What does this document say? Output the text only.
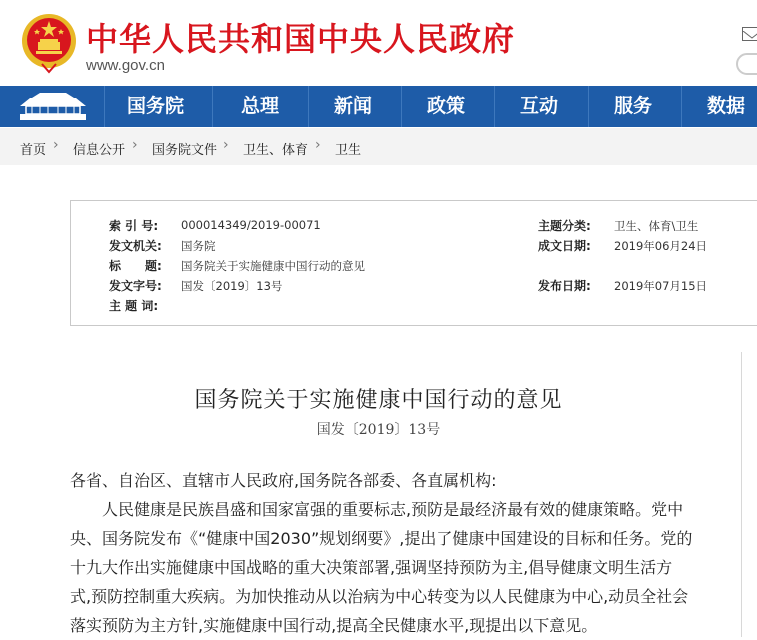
中华人民共和国中央人民政府
www.gov.cn
国务院	总理	新闻	政策	互动	服务	数据
首页 › 信息公开 › 国务院文件 › 卫生、体育 › 卫生
索 引 号: 000014349/2019-00071	主题分类: 卫生、体育\卫生
发文机关: 国务院	成文日期: 2019年06月24日
标　　题: 国务院关于实施健康中国行动的意见
发文字号: 国发〔2019〕13号	发布日期: 2019年07月15日
主 题 词:
国务院关于实施健康中国行动的意见
国发〔2019〕13号
各省、自治区、直辖市人民政府,国务院各部委、各直属机构:
　　人民健康是民族昌盛和国家富强的重要标志,预防是最经济最有效的健康策略。党中
央、国务院发布《“健康中国2030”规划纲要》,提出了健康中国建设的目标和任务。党的
十九大作出实施健康中国战略的重大决策部署,强调坚持预防为主,倡导健康文明生活方
式,预防控制重大疾病。为加快推动从以治病为中心转变为以人民健康为中心,动员全社会
落实预防为主方针,实施健康中国行动,提高全民健康水平,现提出以下意见。
